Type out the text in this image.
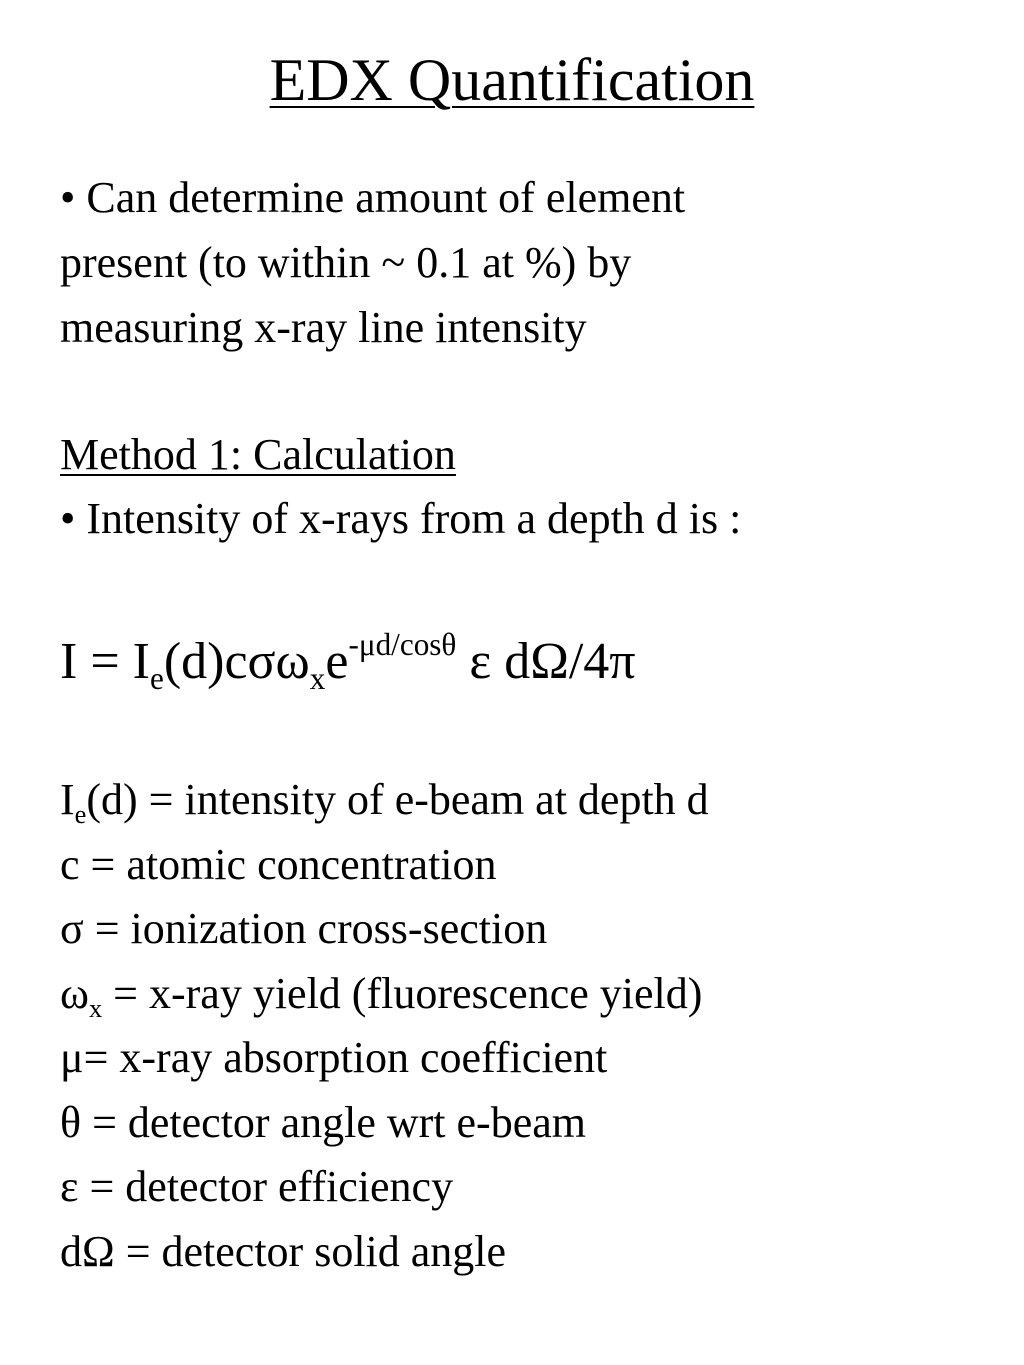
EDX Quantification

• Can determine amount of element

present (to within ~ 0.1 at %) by

measuring x-ray line intensity

Method 1: Calculation
• Intensity of x-rays from a depth d is :
$I = I_e(d)c\sigma\omega_xe^{-\mu d/cos\theta}$ ε dΩ/4π
$I_e(d)$ = intensity of e-beam at depth d
c = atomic concentration
σ = ionization cross-section
$\omega_x = x-ray$ yield (fluorescence yield)
μ= x-ray absorption coefficient
θ = detector angle wrt e-beam
ε = detector efficiency
dΩ = detector solid angle
